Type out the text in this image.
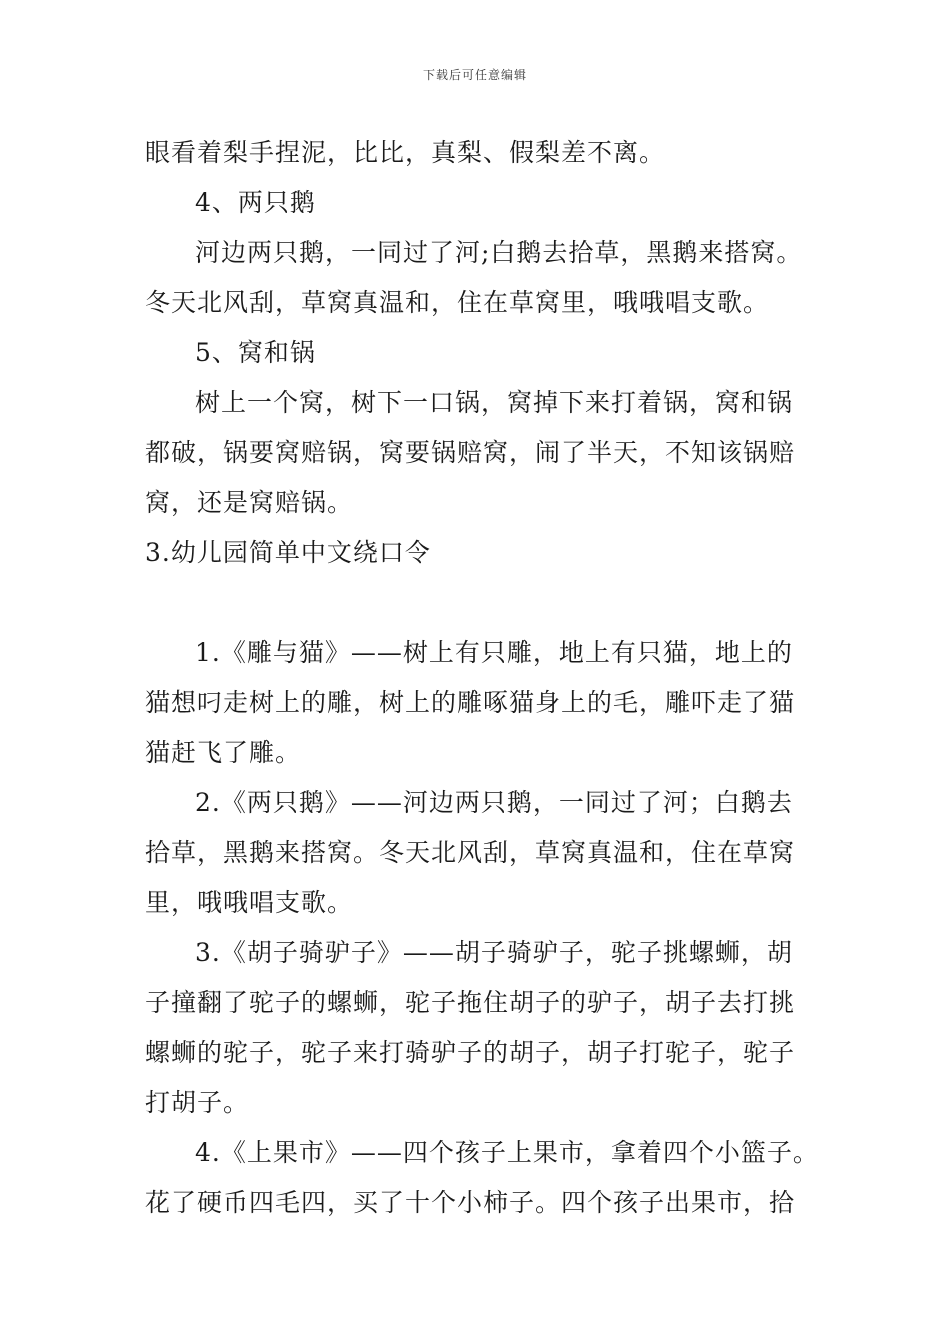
下载后可任意编辑

眼看着梨手捏泥，比比，真梨、假梨差不离。

4、两只鹅

河边两只鹅，一同过了河;白鹅去拾草，黑鹅来搭窝。

冬天北风刮，草窝真温和，住在草窝里，哦哦唱支歌。

5、窝和锅

树上一个窝，树下一口锅，窝掉下来打着锅，窝和锅

都破，锅要窝赔锅，窝要锅赔窝，闹了半天，不知该锅赔

窝，还是窝赔锅。

3.幼儿园简单中文绕口令

1.《雕与猫》——树上有只雕，地上有只猫，地上的

猫想叼走树上的雕，树上的雕啄猫身上的毛，雕吓走了猫

猫赶飞了雕。

2.《两只鹅》——河边两只鹅，一同过了河；白鹅去

拾草，黑鹅来搭窝。冬天北风刮，草窝真温和，住在草窝

里，哦哦唱支歌。

3.《胡子骑驴子》——胡子骑驴子，驼子挑螺蛳，胡

子撞翻了驼子的螺蛳，驼子拖住胡子的驴子，胡子去打挑

螺蛳的驼子，驼子来打骑驴子的胡子，胡子打驼子，驼子

打胡子。

4.《上果市》——四个孩子上果市，拿着四个小篮子。

花了硬币四毛四，买了十个小柿子。四个孩子出果市，拾
